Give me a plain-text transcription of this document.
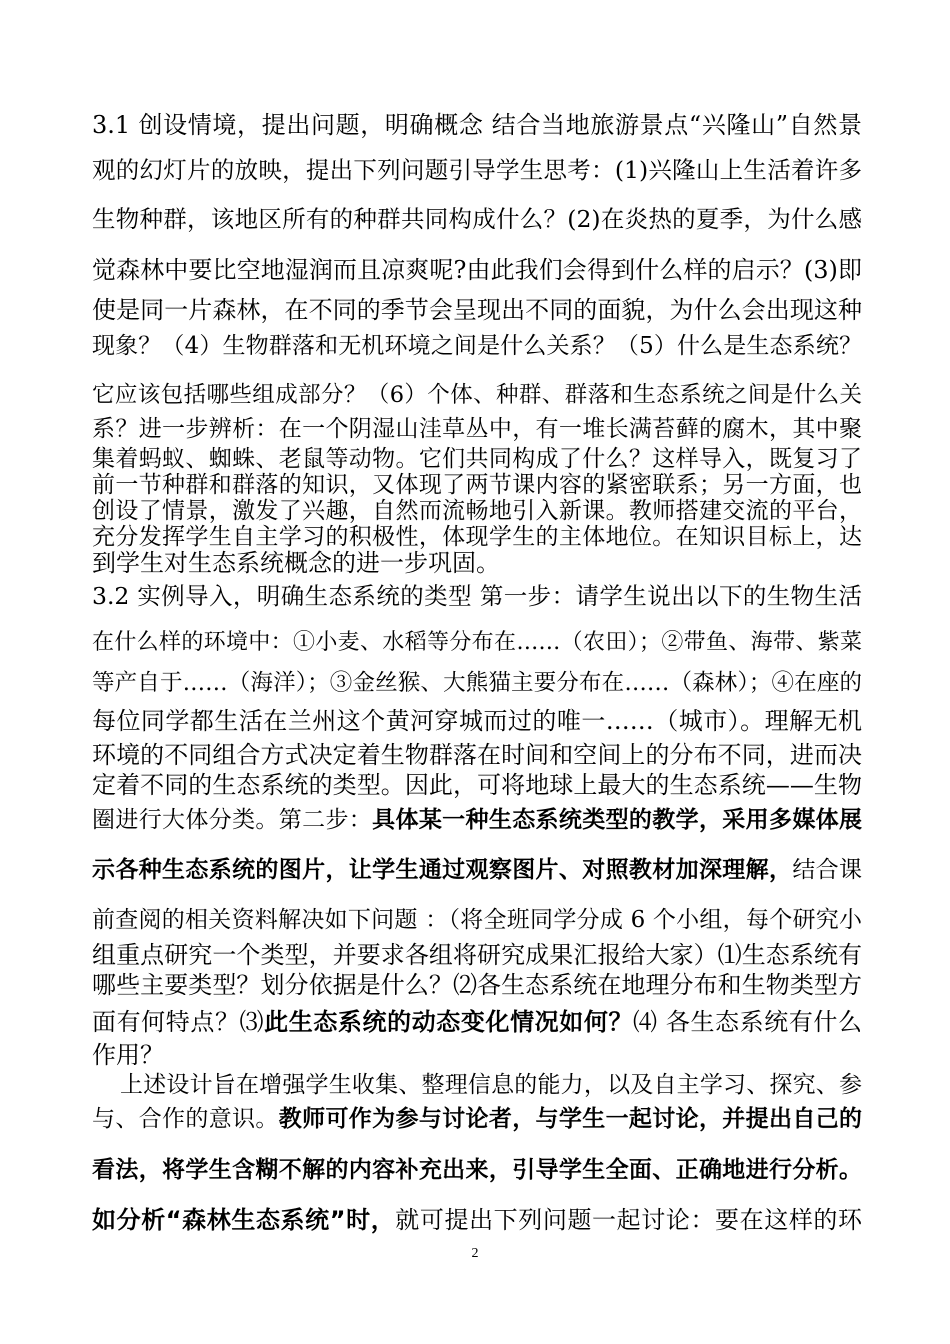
3.1 创设情境，提出问题，明确概念 结合当地旅游景点“兴隆山”自然景
观的幻灯片的放映，提出下列问题引导学生思考：(1)兴隆山上生活着许多
生物种群，该地区所有的种群共同构成什么？(2)在炎热的夏季，为什么感
觉森林中要比空地湿润而且凉爽呢?由此我们会得到什么样的启示？(3)即
使是同一片森林，在不同的季节会呈现出不同的面貌，为什么会出现这种
现象？（4）生物群落和无机环境之间是什么关系？（5）什么是生态系统？
它应该包括哪些组成部分？（6）个体、种群、群落和生态系统之间是什么关
系？进一步辨析：在一个阴湿山洼草丛中，有一堆长满苔藓的腐木，其中聚
集着蚂蚁、蜘蛛、老鼠等动物。它们共同构成了什么？这样导入，既复习了
前一节种群和群落的知识，又体现了两节课内容的紧密联系；另一方面，也
创设了情景，激发了兴趣，自然而流畅地引入新课。教师搭建交流的平台，
充分发挥学生自主学习的积极性，体现学生的主体地位。在知识目标上，达
到学生对生态系统概念的进一步巩固。
3.2 实例导入，明确生态系统的类型 第一步：请学生说出以下的生物生活
在什么样的环境中：①小麦、水稻等分布在……（农田）；②带鱼、海带、紫菜
等产自于……（海洋）；③金丝猴、大熊猫主要分布在……（森林）；④在座的
每位同学都生活在兰州这个黄河穿城而过的唯一……（城市）。理解无机
环境的不同组合方式决定着生物群落在时间和空间上的分布不同，进而决
定着不同的生态系统的类型。因此，可将地球上最大的生态系统——生物
圈进行大体分类。第二步：具体某一种生态系统类型的教学，采用多媒体展
示各种生态系统的图片，让学生通过观察图片、对照教材加深理解，结合课
前查阅的相关资料解决如下问题 ：（将全班同学分成 6 个小组，每个研究小
组重点研究一个类型，并要求各组将研究成果汇报给大家）⑴生态系统有
哪些主要类型？划分依据是什么？⑵各生态系统在地理分布和生物类型方
面有何特点？⑶此生态系统的动态变化情况如何？⑷ 各生态系统有什么
作用？
上述设计旨在增强学生收集、整理信息的能力，以及自主学习、探究、参
与、合作的意识。教师可作为参与讨论者，与学生一起讨论，并提出自己的
看法，将学生含糊不解的内容补充出来，引导学生全面、正确地进行分析。
如分析“森林生态系统”时，就可提出下列问题一起讨论：要在这样的环
2
